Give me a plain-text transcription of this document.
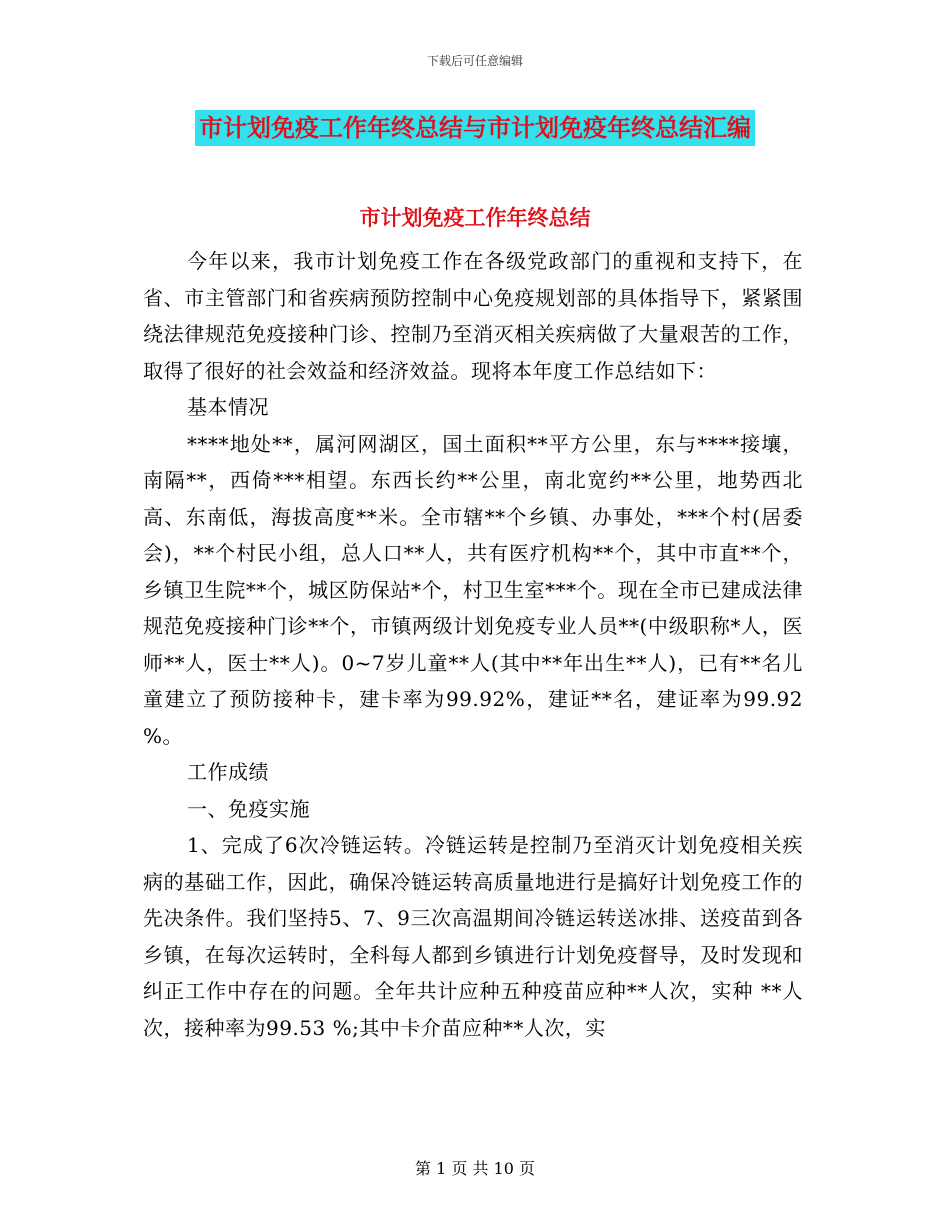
下载后可任意编辑
市计划免疫工作年终总结与市计划免疫年终总结汇编
市计划免疫工作年终总结

今年以来，我市计划免疫工作在各级党政部门的重视和支持下，在省、市主管部门和省疾病预防控制中心免疫规划部的具体指导下，紧紧围绕法律规范免疫接种门诊、控制乃至消灭相关疾病做了大量艰苦的工作，取得了很好的社会效益和经济效益。现将本年度工作总结如下：

基本情况

****地处**，属河网湖区，国土面积**平方公里，东与****接壤，南隔**，西倚***相望。东西长约**公里，南北宽约**公里，地势西北高、东南低，海拔高度**米。全市辖**个乡镇、办事处，***个村(居委会)，**个村民小组，总人口**人，共有医疗机构**个，其中市直**个，乡镇卫生院**个，城区防保站*个，村卫生室***个。现在全市已建成法律规范免疫接种门诊**个，市镇两级计划免疫专业人员**(中级职称*人，医师**人，医士**人)。0~7岁儿童**人(其中**年出生**人)，已有**名儿童建立了预防接种卡，建卡率为99.92%，建证**名，建证率为99.92 %。

工作成绩

一、免疫实施

1、完成了6次冷链运转。冷链运转是控制乃至消灭计划免疫相关疾病的基础工作，因此，确保冷链运转高质量地进行是搞好计划免疫工作的先决条件。我们坚持5、7、9三次高温期间冷链运转送冰排、送疫苗到各乡镇，在每次运转时，全科每人都到乡镇进行计划免疫督导，及时发现和纠正工作中存在的问题。全年共计应种五种疫苗应种**人次，实种 **人次，接种率为99.53 %;其中卡介苗应种**人次，实

第 1 页 共 10 页
